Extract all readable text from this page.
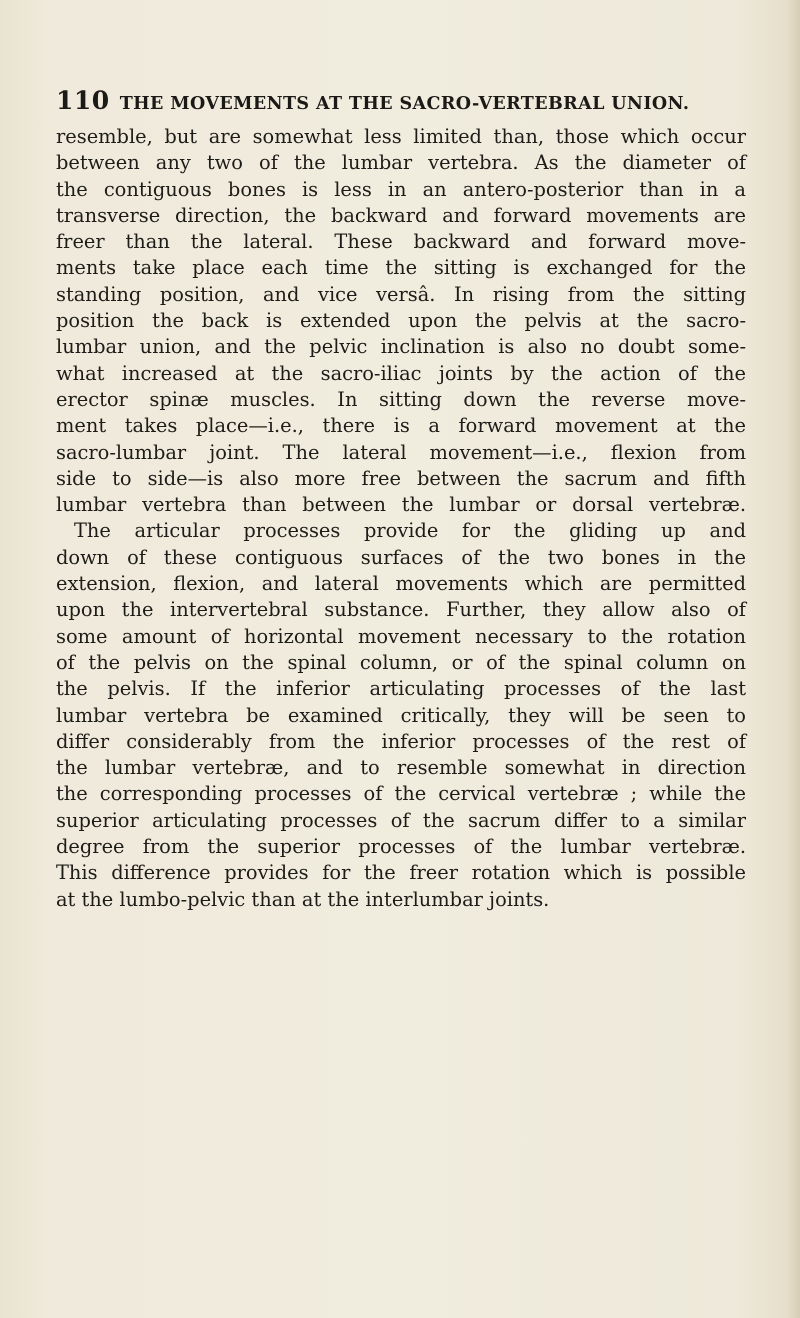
110 THE MOVEMENTS AT THE SACRO-VERTEBRAL UNION.
resemble, but are somewhat less limited than, those which occur
between any two of the lumbar vertebra. As the diameter of
the contiguous bones is less in an antero-posterior than in a
transverse direction, the backward and forward movements are
freer than the lateral. These backward and forward move-
ments take place each time the sitting is exchanged for the
standing position, and vice versâ. In rising from the sitting
position the back is extended upon the pelvis at the sacro-
lumbar union, and the pelvic inclination is also no doubt some-
what increased at the sacro-iliac joints by the action of the
erector spinæ muscles. In sitting down the reverse move-
ment takes place—i.e., there is a forward movement at the
sacro-lumbar joint. The lateral movement—i.e., flexion from
side to side—is also more free between the sacrum and fifth
lumbar vertebra than between the lumbar or dorsal vertebræ.
The articular processes provide for the gliding up and
down of these contiguous surfaces of the two bones in the
extension, flexion, and lateral movements which are permitted
upon the intervertebral substance. Further, they allow also of
some amount of horizontal movement necessary to the rotation
of the pelvis on the spinal column, or of the spinal column on
the pelvis. If the inferior articulating processes of the last
lumbar vertebra be examined critically, they will be seen to
differ considerably from the inferior processes of the rest of
the lumbar vertebræ, and to resemble somewhat in direction
the corresponding processes of the cervical vertebræ ; while the
superior articulating processes of the sacrum differ to a similar
degree from the superior processes of the lumbar vertebræ.
This difference provides for the freer rotation which is possible
at the lumbo-pelvic than at the interlumbar joints.
